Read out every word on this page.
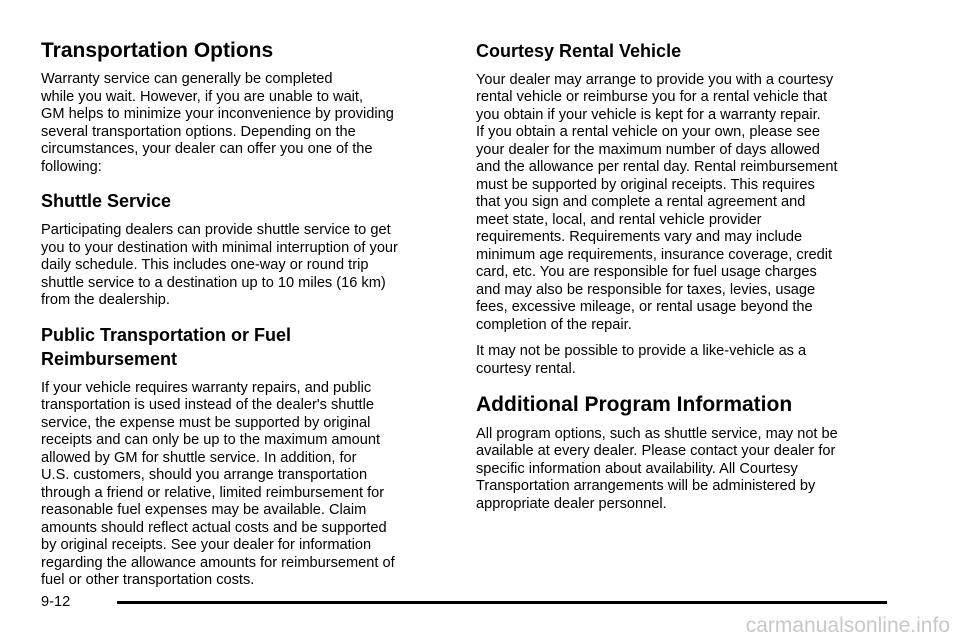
Transportation Options

Warranty service can generally be completed
while you wait. However, if you are unable to wait,
GM helps to minimize your inconvenience by providing
several transportation options. Depending on the
circumstances, your dealer can offer you one of the
following:

Shuttle Service

Participating dealers can provide shuttle service to get
you to your destination with minimal interruption of your
daily schedule. This includes one-way or round trip
shuttle service to a destination up to 10 miles (16 km)
from the dealership.

Public Transportation or Fuel
Reimbursement

If your vehicle requires warranty repairs, and public
transportation is used instead of the dealer's shuttle
service, the expense must be supported by original
receipts and can only be up to the maximum amount
allowed by GM for shuttle service. In addition, for
U.S. customers, should you arrange transportation
through a friend or relative, limited reimbursement for
reasonable fuel expenses may be available. Claim
amounts should reflect actual costs and be supported
by original receipts. See your dealer for information
regarding the allowance amounts for reimbursement of
fuel or other transportation costs.

Courtesy Rental Vehicle

Your dealer may arrange to provide you with a courtesy
rental vehicle or reimburse you for a rental vehicle that
you obtain if your vehicle is kept for a warranty repair.
If you obtain a rental vehicle on your own, please see
your dealer for the maximum number of days allowed
and the allowance per rental day. Rental reimbursement
must be supported by original receipts. This requires
that you sign and complete a rental agreement and
meet state, local, and rental vehicle provider
requirements. Requirements vary and may include
minimum age requirements, insurance coverage, credit
card, etc. You are responsible for fuel usage charges
and may also be responsible for taxes, levies, usage
fees, excessive mileage, or rental usage beyond the
completion of the repair.

It may not be possible to provide a like-vehicle as a
courtesy rental.

Additional Program Information

All program options, such as shuttle service, may not be
available at every dealer. Please contact your dealer for
specific information about availability. All Courtesy
Transportation arrangements will be administered by
appropriate dealer personnel.

9-12
carmanualsonline.info
